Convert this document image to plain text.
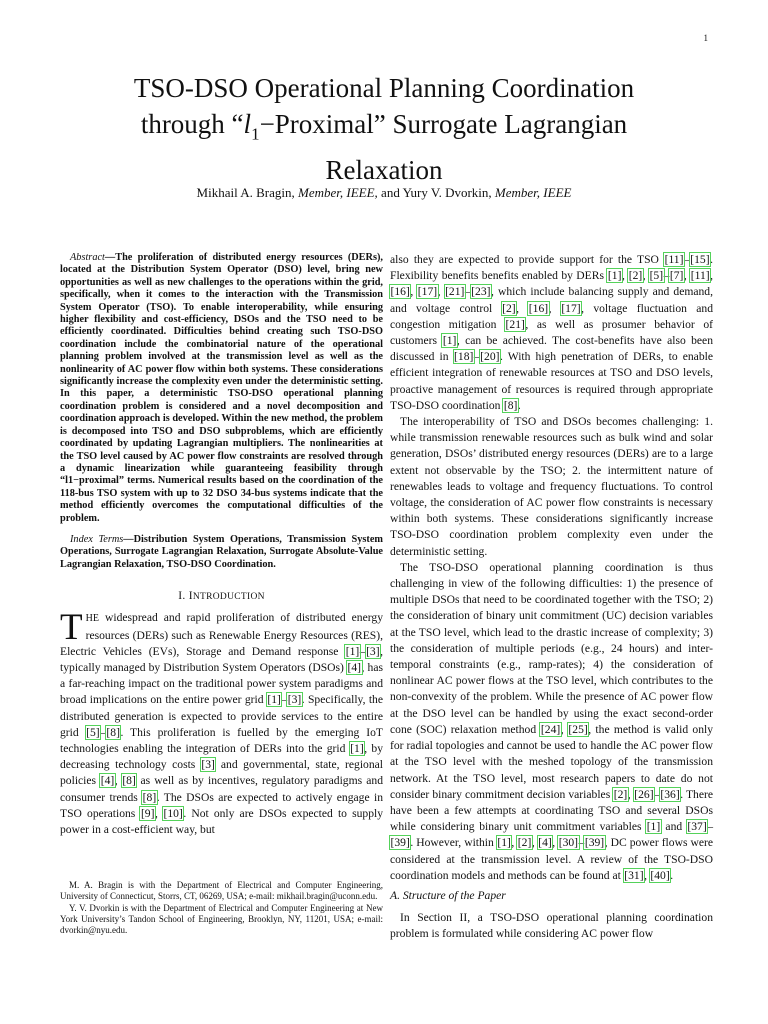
1
TSO-DSO Operational Planning Coordination
through “$l_1-Proximal$” Surrogate Lagrangian
Relaxation
Mikhail A. Bragin, Member, IEEE, and Yury V. Dvorkin, Member, IEEE

Abstract—The proliferation of distributed energy resources (DERs), located at the Distribution System Operator (DSO) level, bring new opportunities as well as new challenges to the operations within the grid, specifically, when it comes to the interaction with the Transmission System Operator (TSO). To enable interoperability, while ensuring higher flexibility and cost-efficiency, DSOs and the TSO need to be efficiently coordinated. Difficulties behind creating such TSO-DSO coordination include the combinatorial nature of the operational planning problem involved at the transmission level as well as the nonlinearity of AC power flow within both systems. These considerations significantly increase the complexity even under the deterministic setting. In this paper, a deterministic TSO-DSO operational planning coordination problem is considered and a novel decomposition and coordination approach is developed. Within the new method, the problem is decomposed into TSO and DSO subproblems, which are efficiently coordinated by updating Lagrangian multipliers. The nonlinearities at the TSO level caused by AC power flow constraints are resolved through a dynamic linearization while guaranteeing feasibility through “l1−proximal” terms. Numerical results based on the coordination of the 118-bus TSO system with up to 32 DSO 34-bus systems indicate that the method efficiently overcomes the computational difficulties of the problem.

Index Terms—Distribution System Operations, Transmission System Operations, Surrogate Lagrangian Relaxation, Surrogate Absolute-Value Lagrangian Relaxation, TSO-DSO Coordination.

I. INTRODUCTION

THE widespread and rapid proliferation of distributed energy resources (DERs) such as Renewable Energy Resources (RES), Electric Vehicles (EVs), Storage and Demand response [1]–[3], typically managed by Distribution System Operators (DSOs) [4], has a far-reaching impact on the traditional power system paradigms and broad implications on the entire power grid [1]–[3]. Specifically, the distributed generation is expected to provide services to the entire grid [5]–[8]. This proliferation is fuelled by the emerging IoT technologies enabling the integration of DERs into the grid [1], by decreasing technology costs [3] and governmental, state, regional policies [4], [8] as well as by incentives, regulatory paradigms and consumer trends [8]. The DSOs are expected to actively engage in TSO operations [9], [10]. Not only are DSOs expected to supply power in a cost-efficient way, but

M. A. Bragin is with the Department of Electrical and Computer Engineering, University of Connecticut, Storrs, CT, 06269, USA; e-mail: mikhail.bragin@uconn.edu.

Y. V. Dvorkin is with the Department of Electrical and Computer Engineering at New York University’s Tandon School of Engineering, Brooklyn, NY, 11201, USA; e-mail: dvorkin@nyu.edu.

also they are expected to provide support for the TSO [11]–[15]. Flexibility benefits benefits enabled by DERs [1], [2], [5]–[7], [11], [16], [17], [21]–[23], which include balancing supply and demand, and voltage control [2], [16], [17], voltage fluctuation and congestion mitigation [21], as well as prosumer behavior of customers [1], can be achieved. The cost-benefits have also been discussed in [18]–[20]. With high penetration of DERs, to enable efficient integration of renewable resources at TSO and DSO levels, proactive management of resources is required through appropriate TSO-DSO coordination [8].

The interoperability of TSO and DSOs becomes challenging: 1. while transmission renewable resources such as bulk wind and solar generation, DSOs’ distributed energy resources (DERs) are to a large extent not observable by the TSO; 2. the intermittent nature of renewables leads to voltage and frequency fluctuations. To control voltage, the consideration of AC power flow constraints is necessary within both systems. These considerations significantly increase TSO-DSO coordination problem complexity even under the deterministic setting.

The TSO-DSO operational planning coordination is thus challenging in view of the following difficulties: 1) the presence of multiple DSOs that need to be coordinated together with the TSO; 2) the consideration of binary unit commitment (UC) decision variables at the TSO level, which lead to the drastic increase of complexity; 3) the consideration of multiple periods (e.g., 24 hours) and inter-temporal constraints (e.g., ramp-rates); 4) the consideration of nonlinear AC power flows at the TSO level, which contributes to the non-convexity of the problem. While the presence of AC power flow at the DSO level can be handled by using the exact second-order cone (SOC) relaxation method [24], [25], the method is valid only for radial topologies and cannot be used to handle the AC power flow at the TSO level with the meshed topology of the transmission network. At the TSO level, most research papers to date do not consider binary commitment decision variables [2], [26]–[36]. There have been a few attempts at coordinating TSO and several DSOs while considering binary unit commitment variables [1] and [37]–[39]. However, within [1], [2], [4], [30]–[39], DC power flows were considered at the transmission level. A review of the TSO-DSO coordination models and methods can be found at [31], [40].

A. Structure of the Paper

In Section II, a TSO-DSO operational planning coordination problem is formulated while considering AC power flow
